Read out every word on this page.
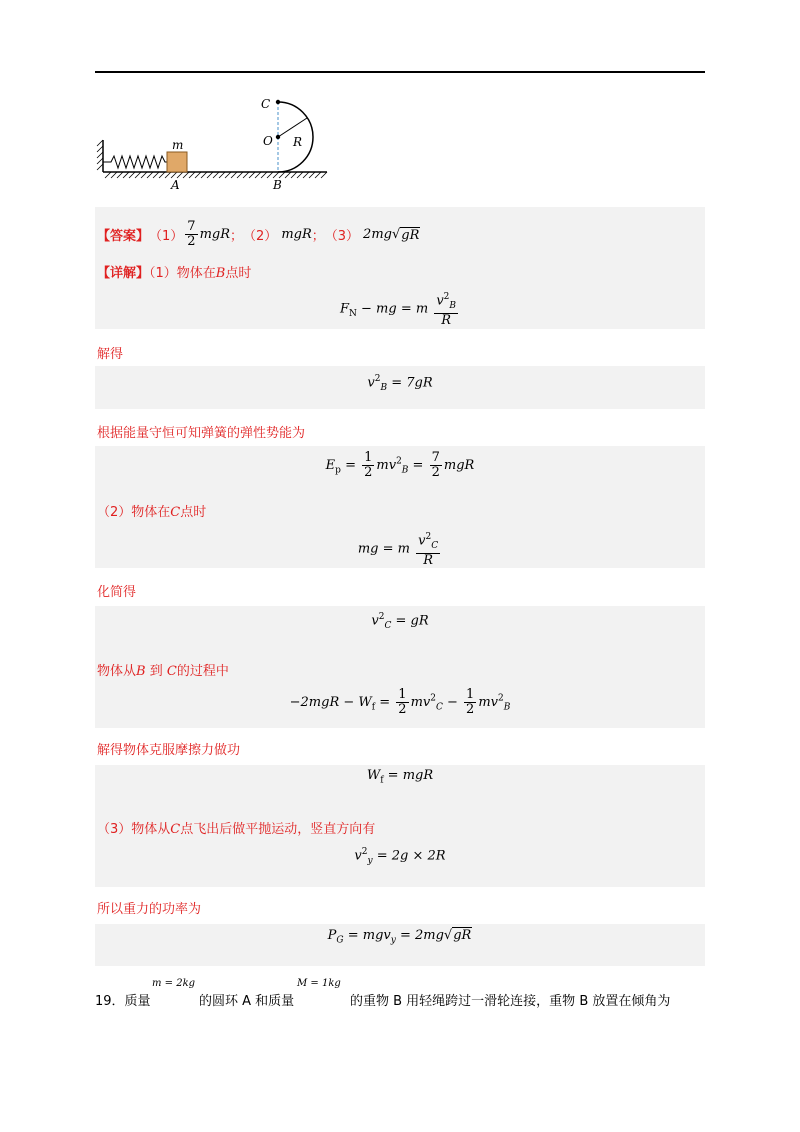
C
O R
m
A	B
【答案】 $(1) \frac{7}{2}$ mgR ； （2） mgR ； （3） 2mg √ gR
【详解】（1）物体在B点时
$F_N$ − mg = m $\frac{v^2_B}{R}$
解得
$v^2_B = 7gR$
根据能量守恒可知弹簧的弹性势能为
$E_p = \frac{1}{2} mv^2_B = \frac{7}{2}$ mgR
（2）物体在C点时
mg = m $\frac{v^2_C}{R}$
化简得
$v^2_C$ = gR
物体从B 到 C的过程中
$-2mgR - W_f = \frac{1}{2} mv^2_C - \frac{1}{2} mv^2_B$
解得物体克服摩擦力做功
$W_f$ = mgR
（3）物体从C点飞出后做平抛运动，竖直方向有
$v^2_y = 2g \times 2R$
所以重力的功率为
$P_G = mgv_y = 2mg√gR$
19．质量
m = 2kg
的圆环 A 和质量
M = 1kg
的重物 B 用轻绳跨过一滑轮连接，重物 B 放置在倾角为
